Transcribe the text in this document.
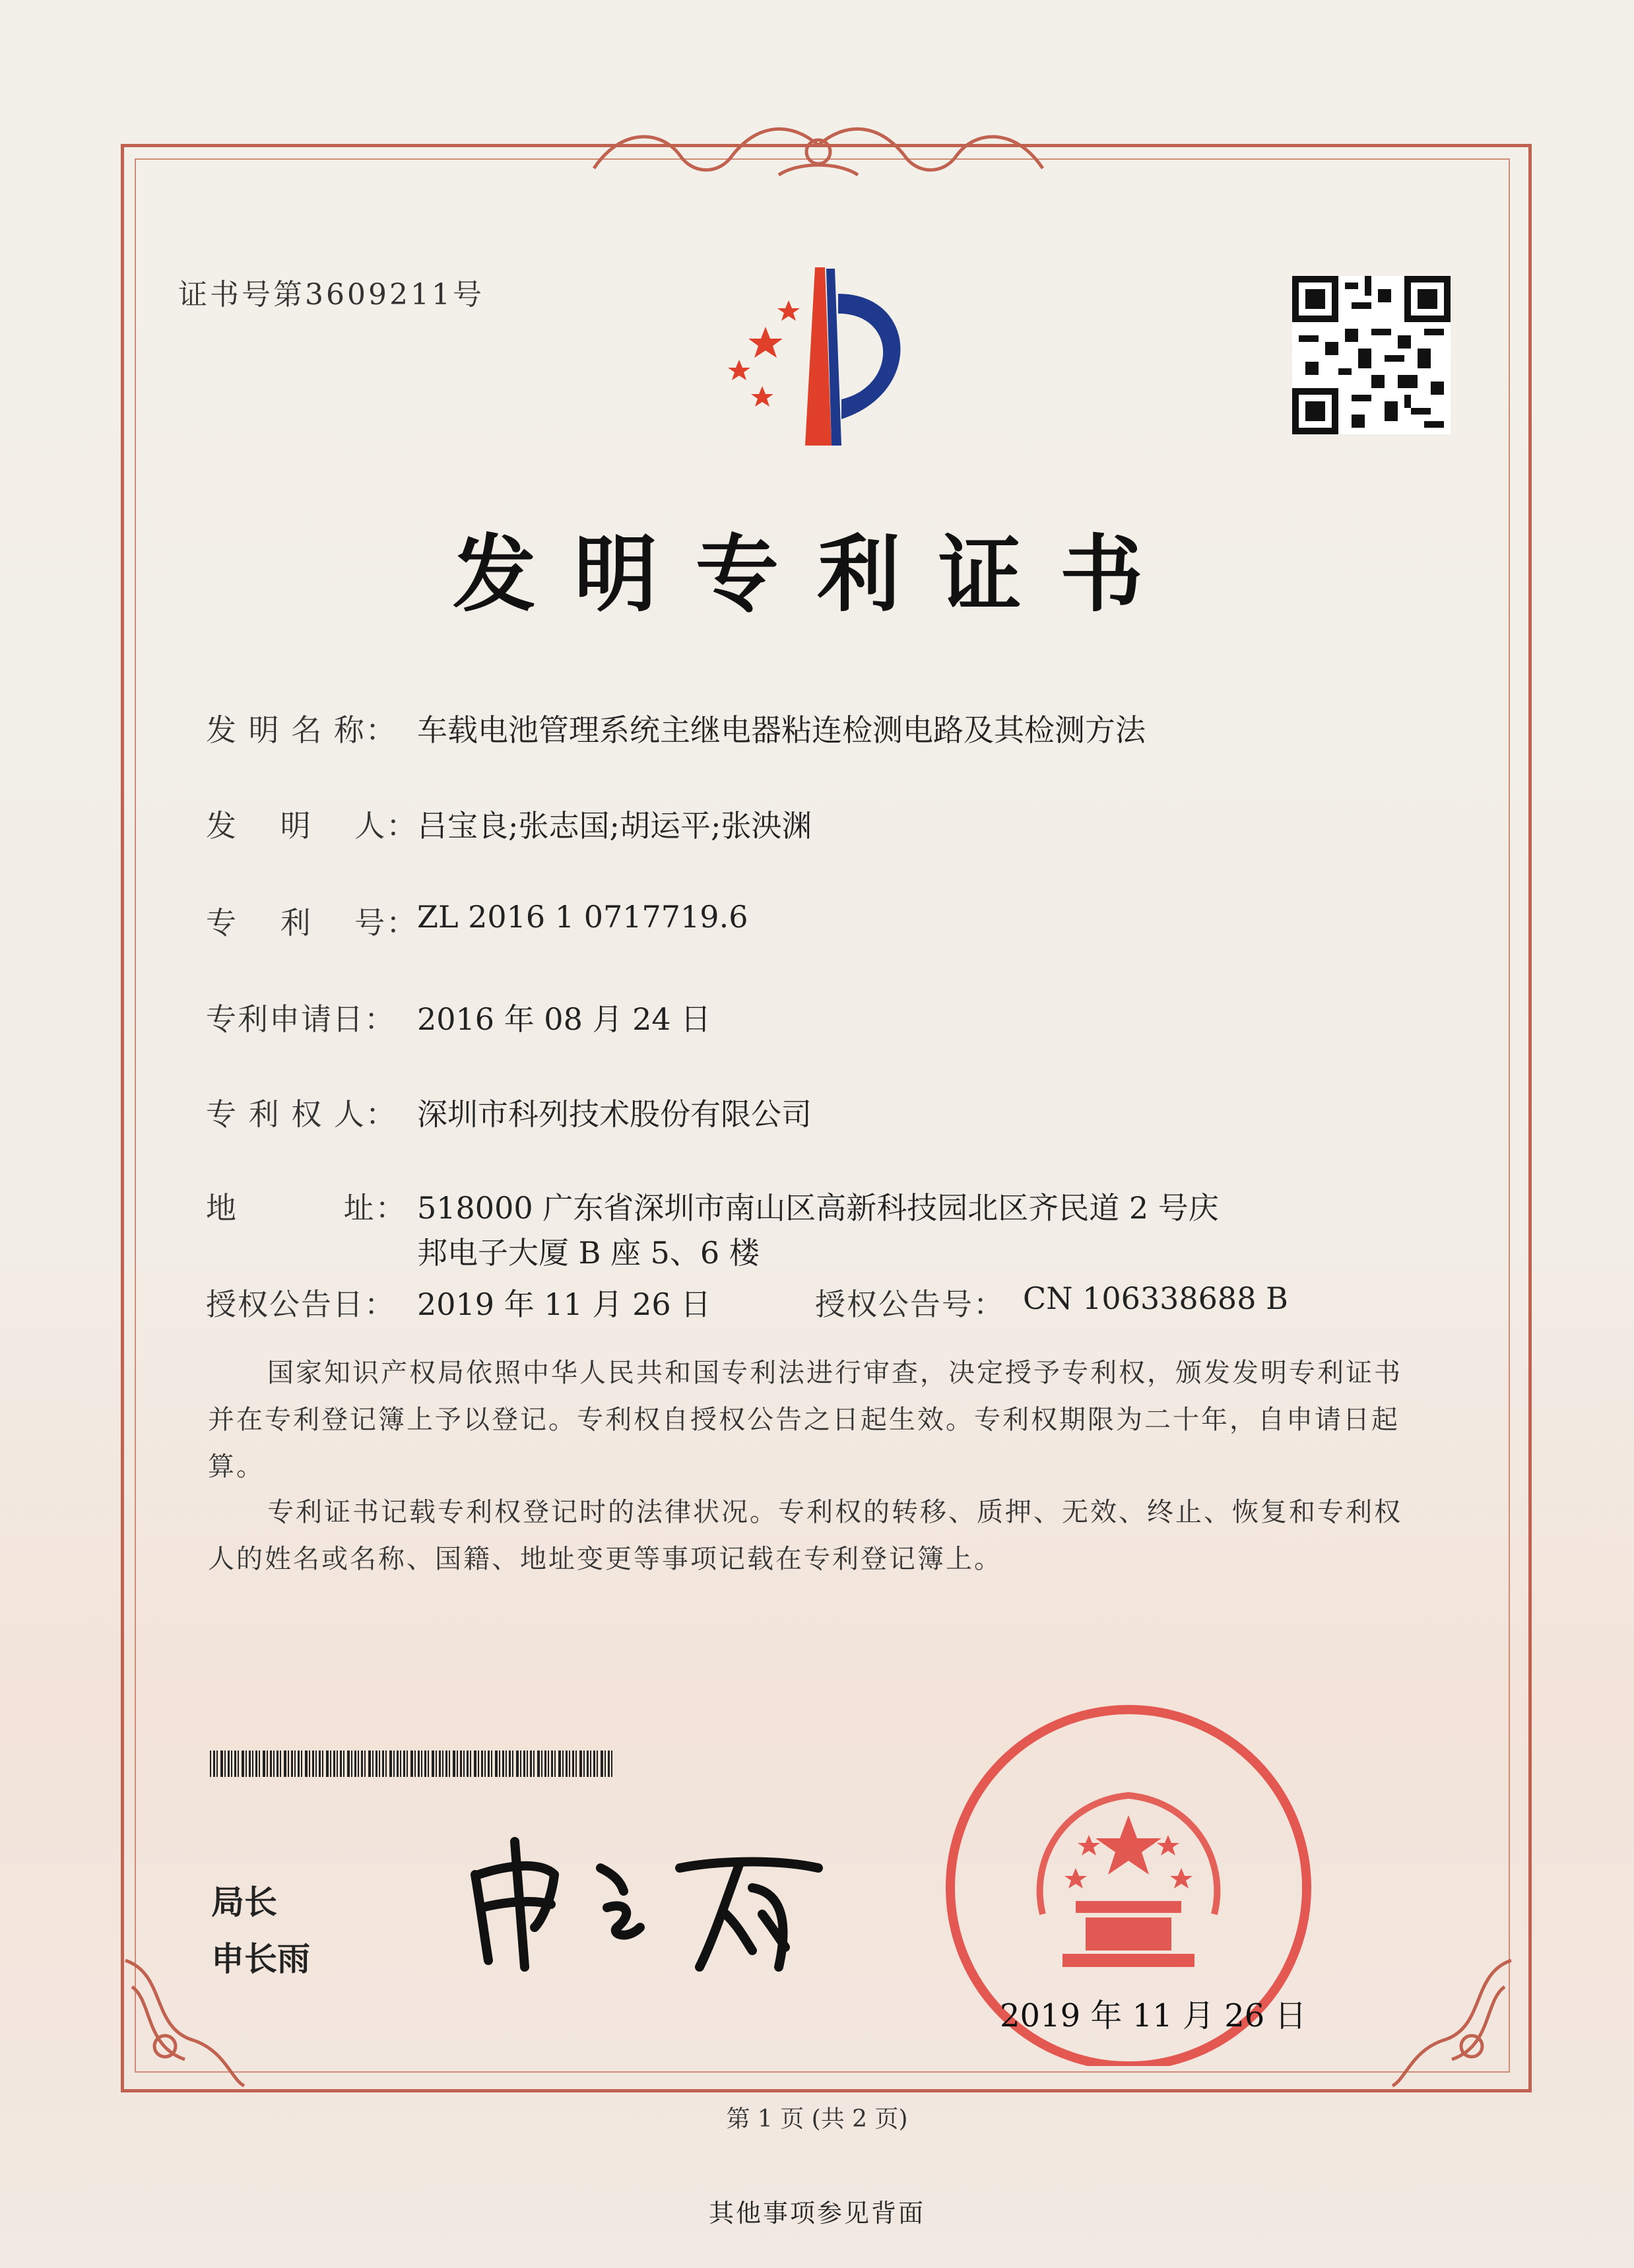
证书号第3609211号
发明专利证书
发 明 名 称： 车载电池管理系统主继电器粘连检测电路及其检测方法
发　 明 　人：
吕宝良;张志国;胡运平;张泱渊
专　 利 　号：
ZL 2016 1 0717719.6
专利申请日： 2016 年 08 月 24 日
专 利 权 人： 深圳市科列技术股份有限公司
地　　　 址： 518000 广东省深圳市南山区高新科技园北区齐民道 2 号庆
邦电子大厦 B 座 5、6 楼
授权公告日： 2019 年 11 月 26 日	授权公告号： CN 106338688 B

国家知识产权局依照中华人民共和国专利法进行审查，决定授予专利权，颁发发明专利证书并在专利登记簿上予以登记。专利权自授权公告之日起生效。专利权期限为二十年，自申请日起算。

专利证书记载专利权登记时的法律状况。专利权的转移、质押、无效、终止、恢复和专利权人的姓名或名称、国籍、地址变更等事项记载在专利登记簿上。

局长
申长雨
2019 年 11 月 26 日
第 1 页 (共 2 页)
其他事项参见背面
